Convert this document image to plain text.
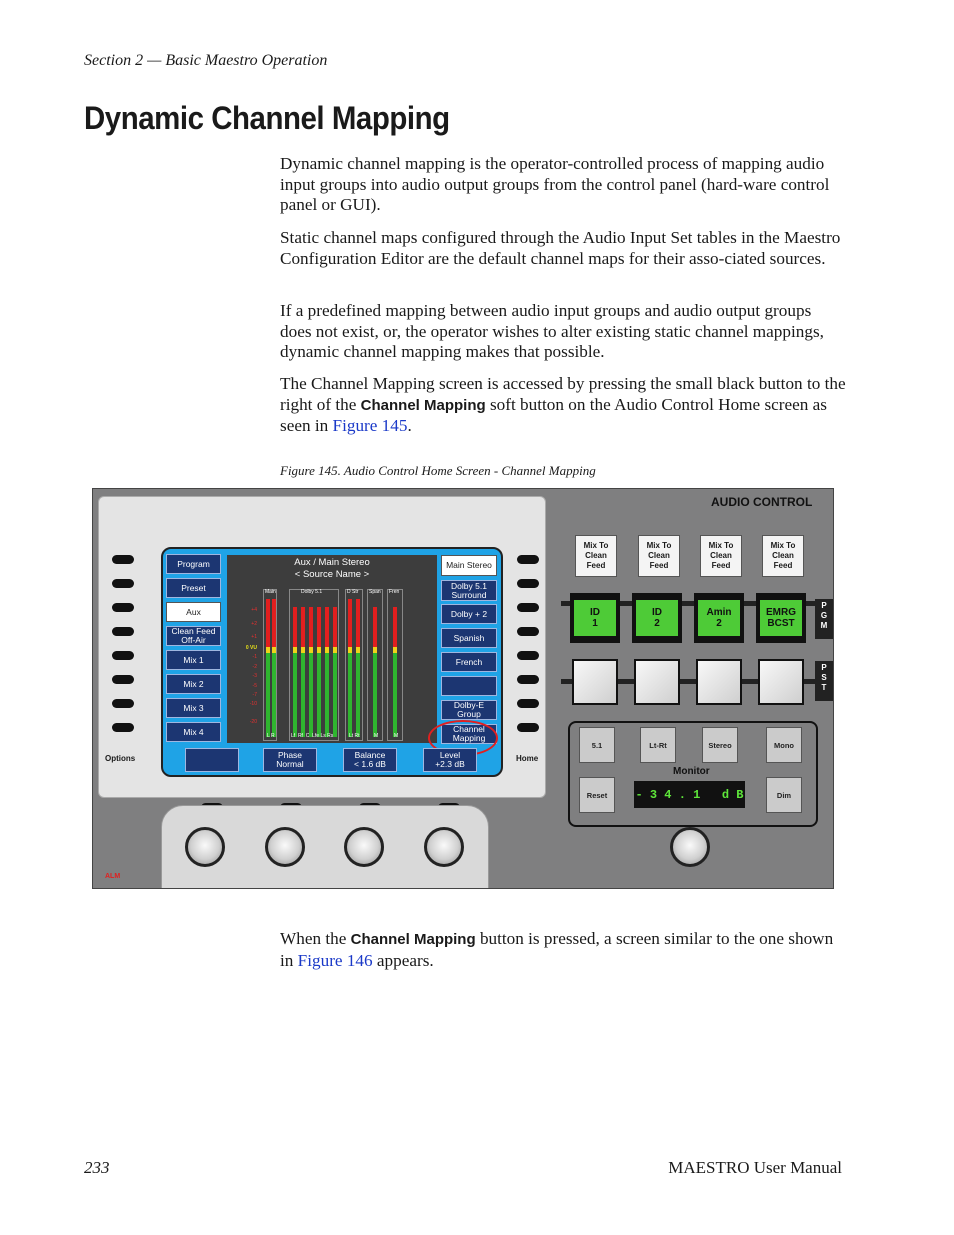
Section 2 — Basic Maestro Operation
Dynamic Channel Mapping
Dynamic channel mapping is the operator-controlled process of mapping audio input groups into audio output groups from the control panel (hard-ware control panel or GUI).
Static channel maps configured through the Audio Input Set tables in the Maestro Configuration Editor are the default channel maps for their asso-ciated sources.
If a predefined mapping between audio input groups and audio output groups does not exist, or, the operator wishes to alter existing static channel mappings, dynamic channel mapping makes that possible.
The Channel Mapping screen is accessed by pressing the small black button to the right of the Channel Mapping soft button on the Audio Control Home screen as seen in Figure 145.
Figure 145. Audio Control Home Screen - Channel Mapping
Options	Home
Program
Preset
Aux
Clean Feed
Off-Air
Mix 1
Mix 2
Mix 3
Mix 4
Aux / Main Stereo
< Source Name >
Main	Dolby 5.1	D Str Span Fren
+4
+2
+1
0 VU
-1
-2
-3
-5
-7
-10
-20
L R	Lf  Rf  C  Lfe Ls Rs	Lt Rt	M	M
Main Stereo
Dolby 5.1
Surround
Dolby + 2
Spanish
French
Dolby-E
Group
Channel
Mapping
Phase
Normal
Balance
< 1.6 dB
Level
+2.3 dB
ALM
AUDIO CONTROL
Mix To
Clean
Feed
Mix To
Clean
Feed
Mix To
Clean
Feed
Mix To
Clean
Feed
ID
1
ID
2
Amin
2
EMRG
BCST
P
G
M
P
S
T
5.1	Lt-Rt	Stereo	Mono
Monitor
Reset	- 3 4 . 1   d B	Dim
When the Channel Mapping button is pressed, a screen similar to the one shown in Figure 146 appears.
233	MAESTRO User Manual
